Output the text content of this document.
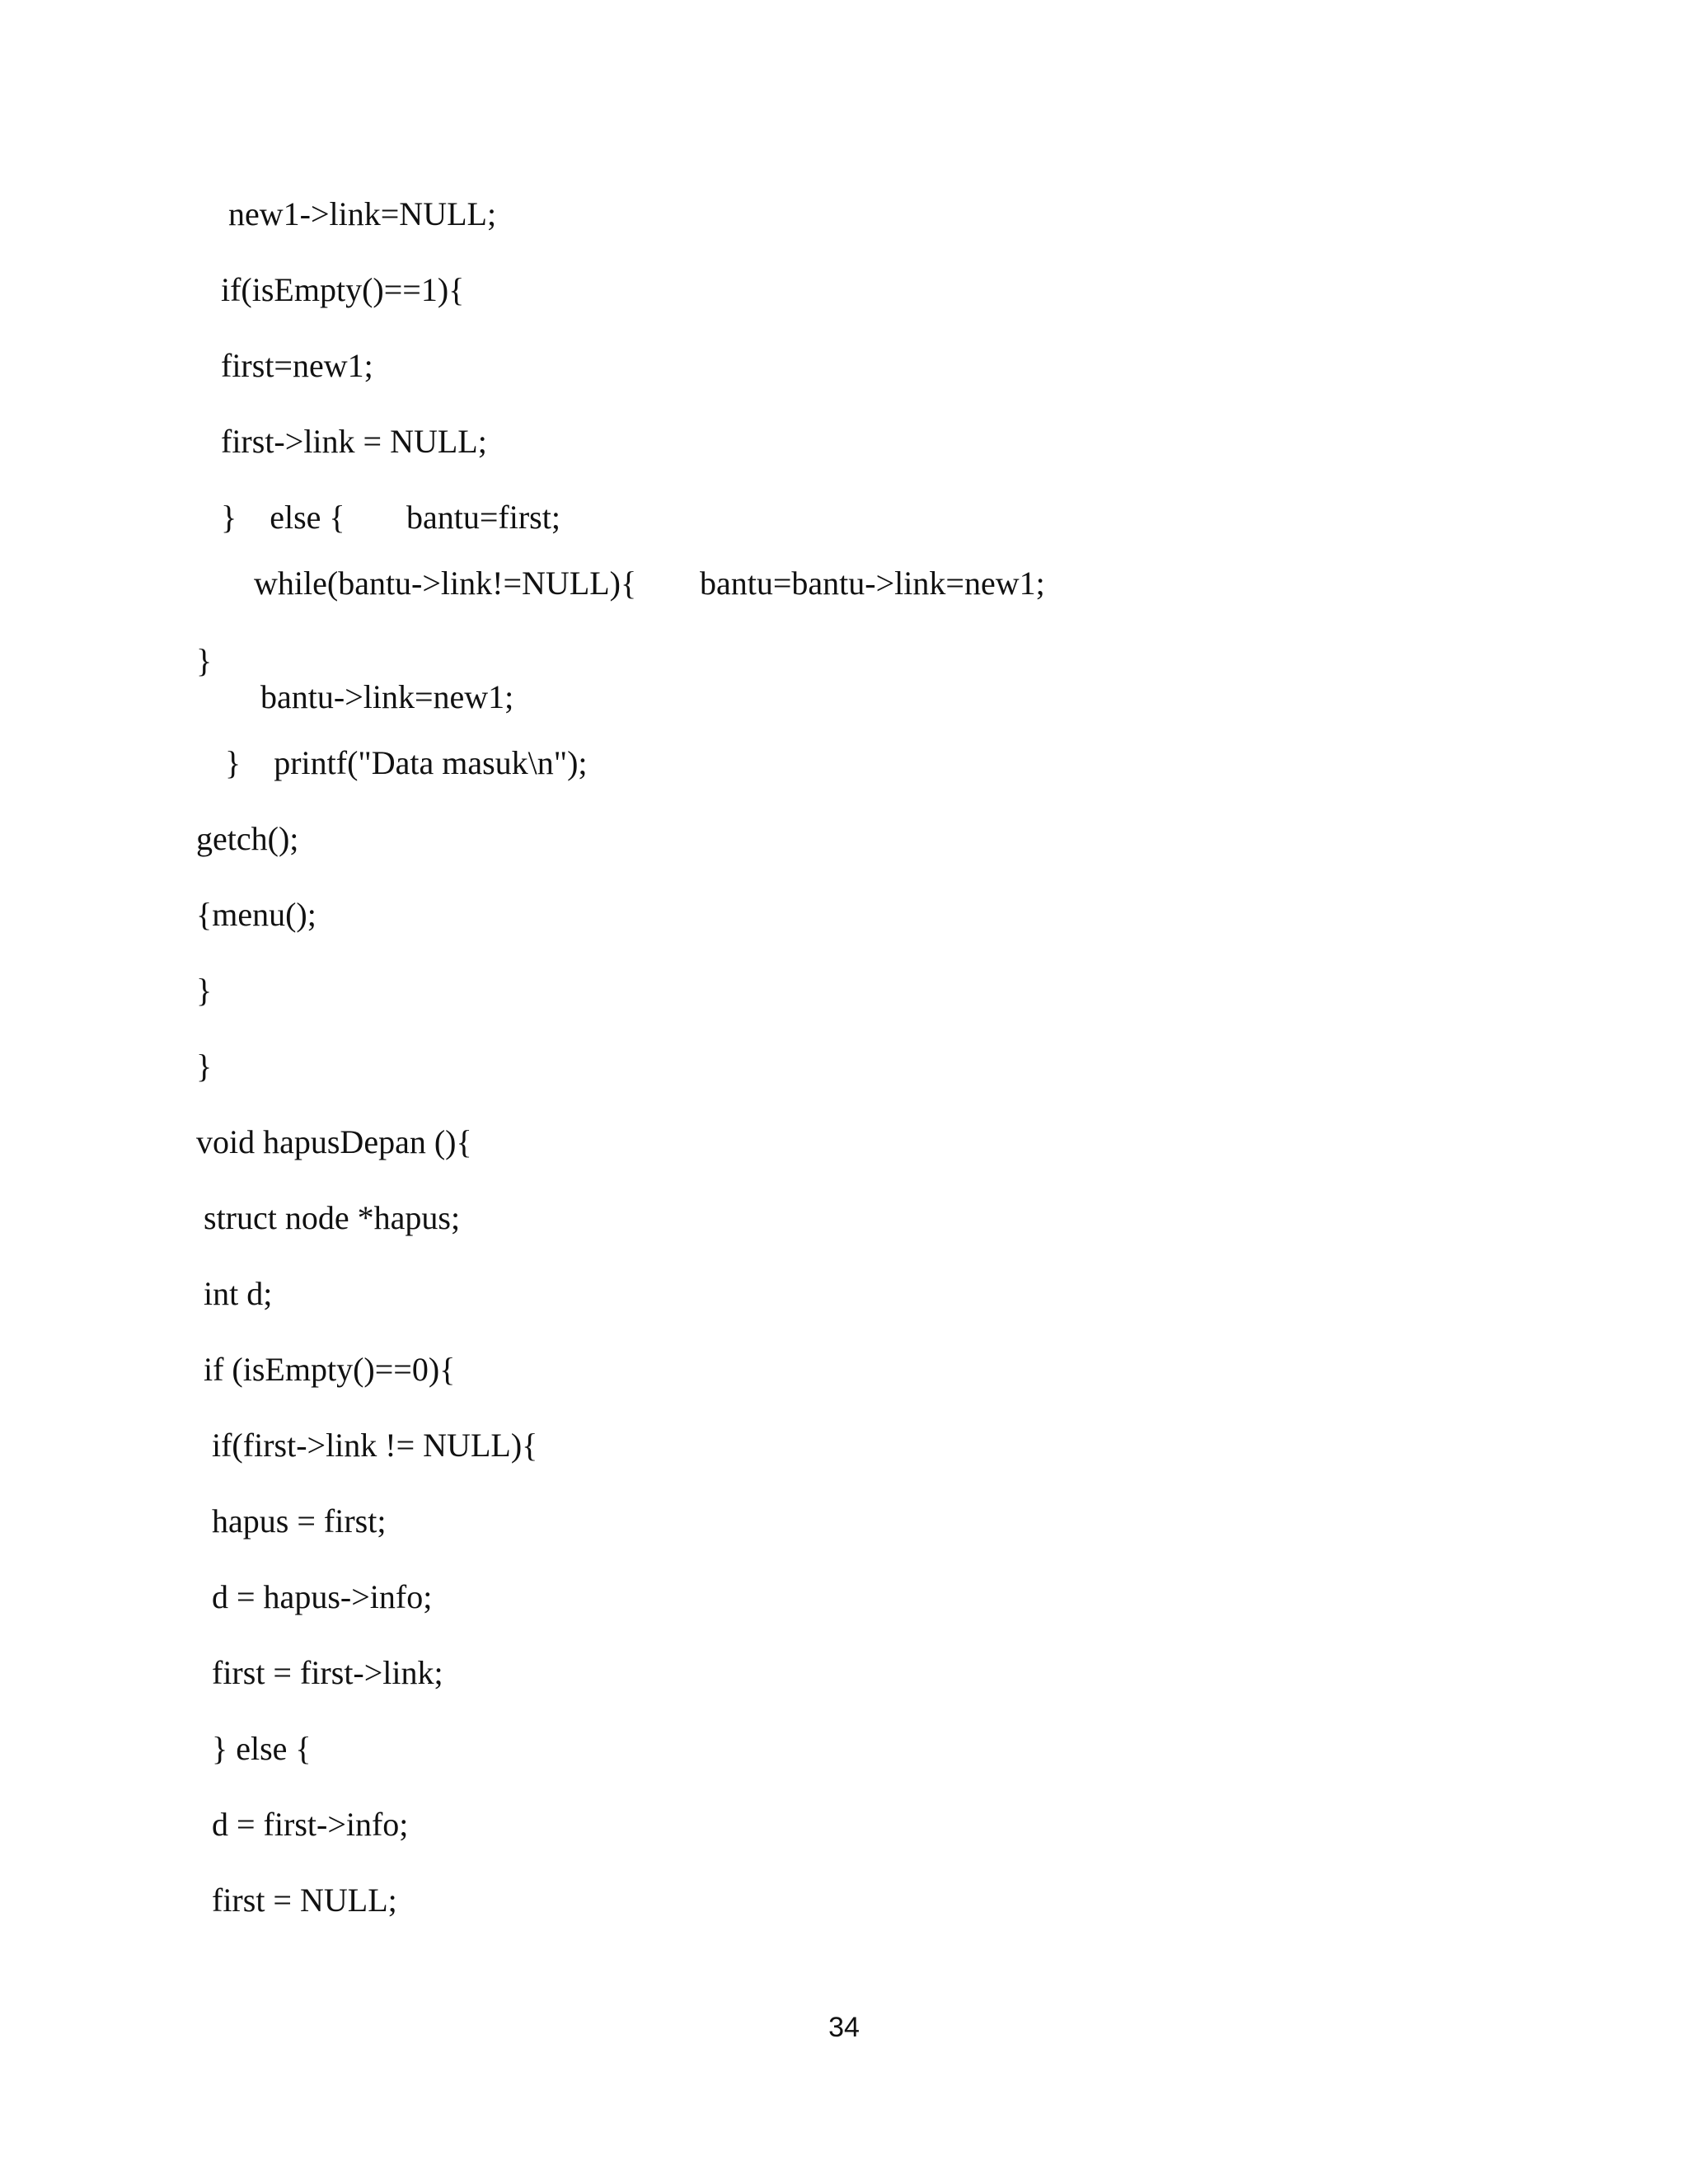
new1->link=NULL;
if(isEmpty()==1){
first=new1;
first->link = NULL;
}    else { bantu=first;
while(bantu->link!=NULL){ bantu=bantu->link=new1;
}
bantu->link=new1;
}    printf("Data masuk\n");
getch();
{menu();
}
}
void hapusDepan (){
struct node *hapus;
int d;
if (isEmpty()==0){
if(first->link != NULL){
hapus = first;
d = hapus->info;
first = first->link;
} else {
d = first->info;
first = NULL;
34
